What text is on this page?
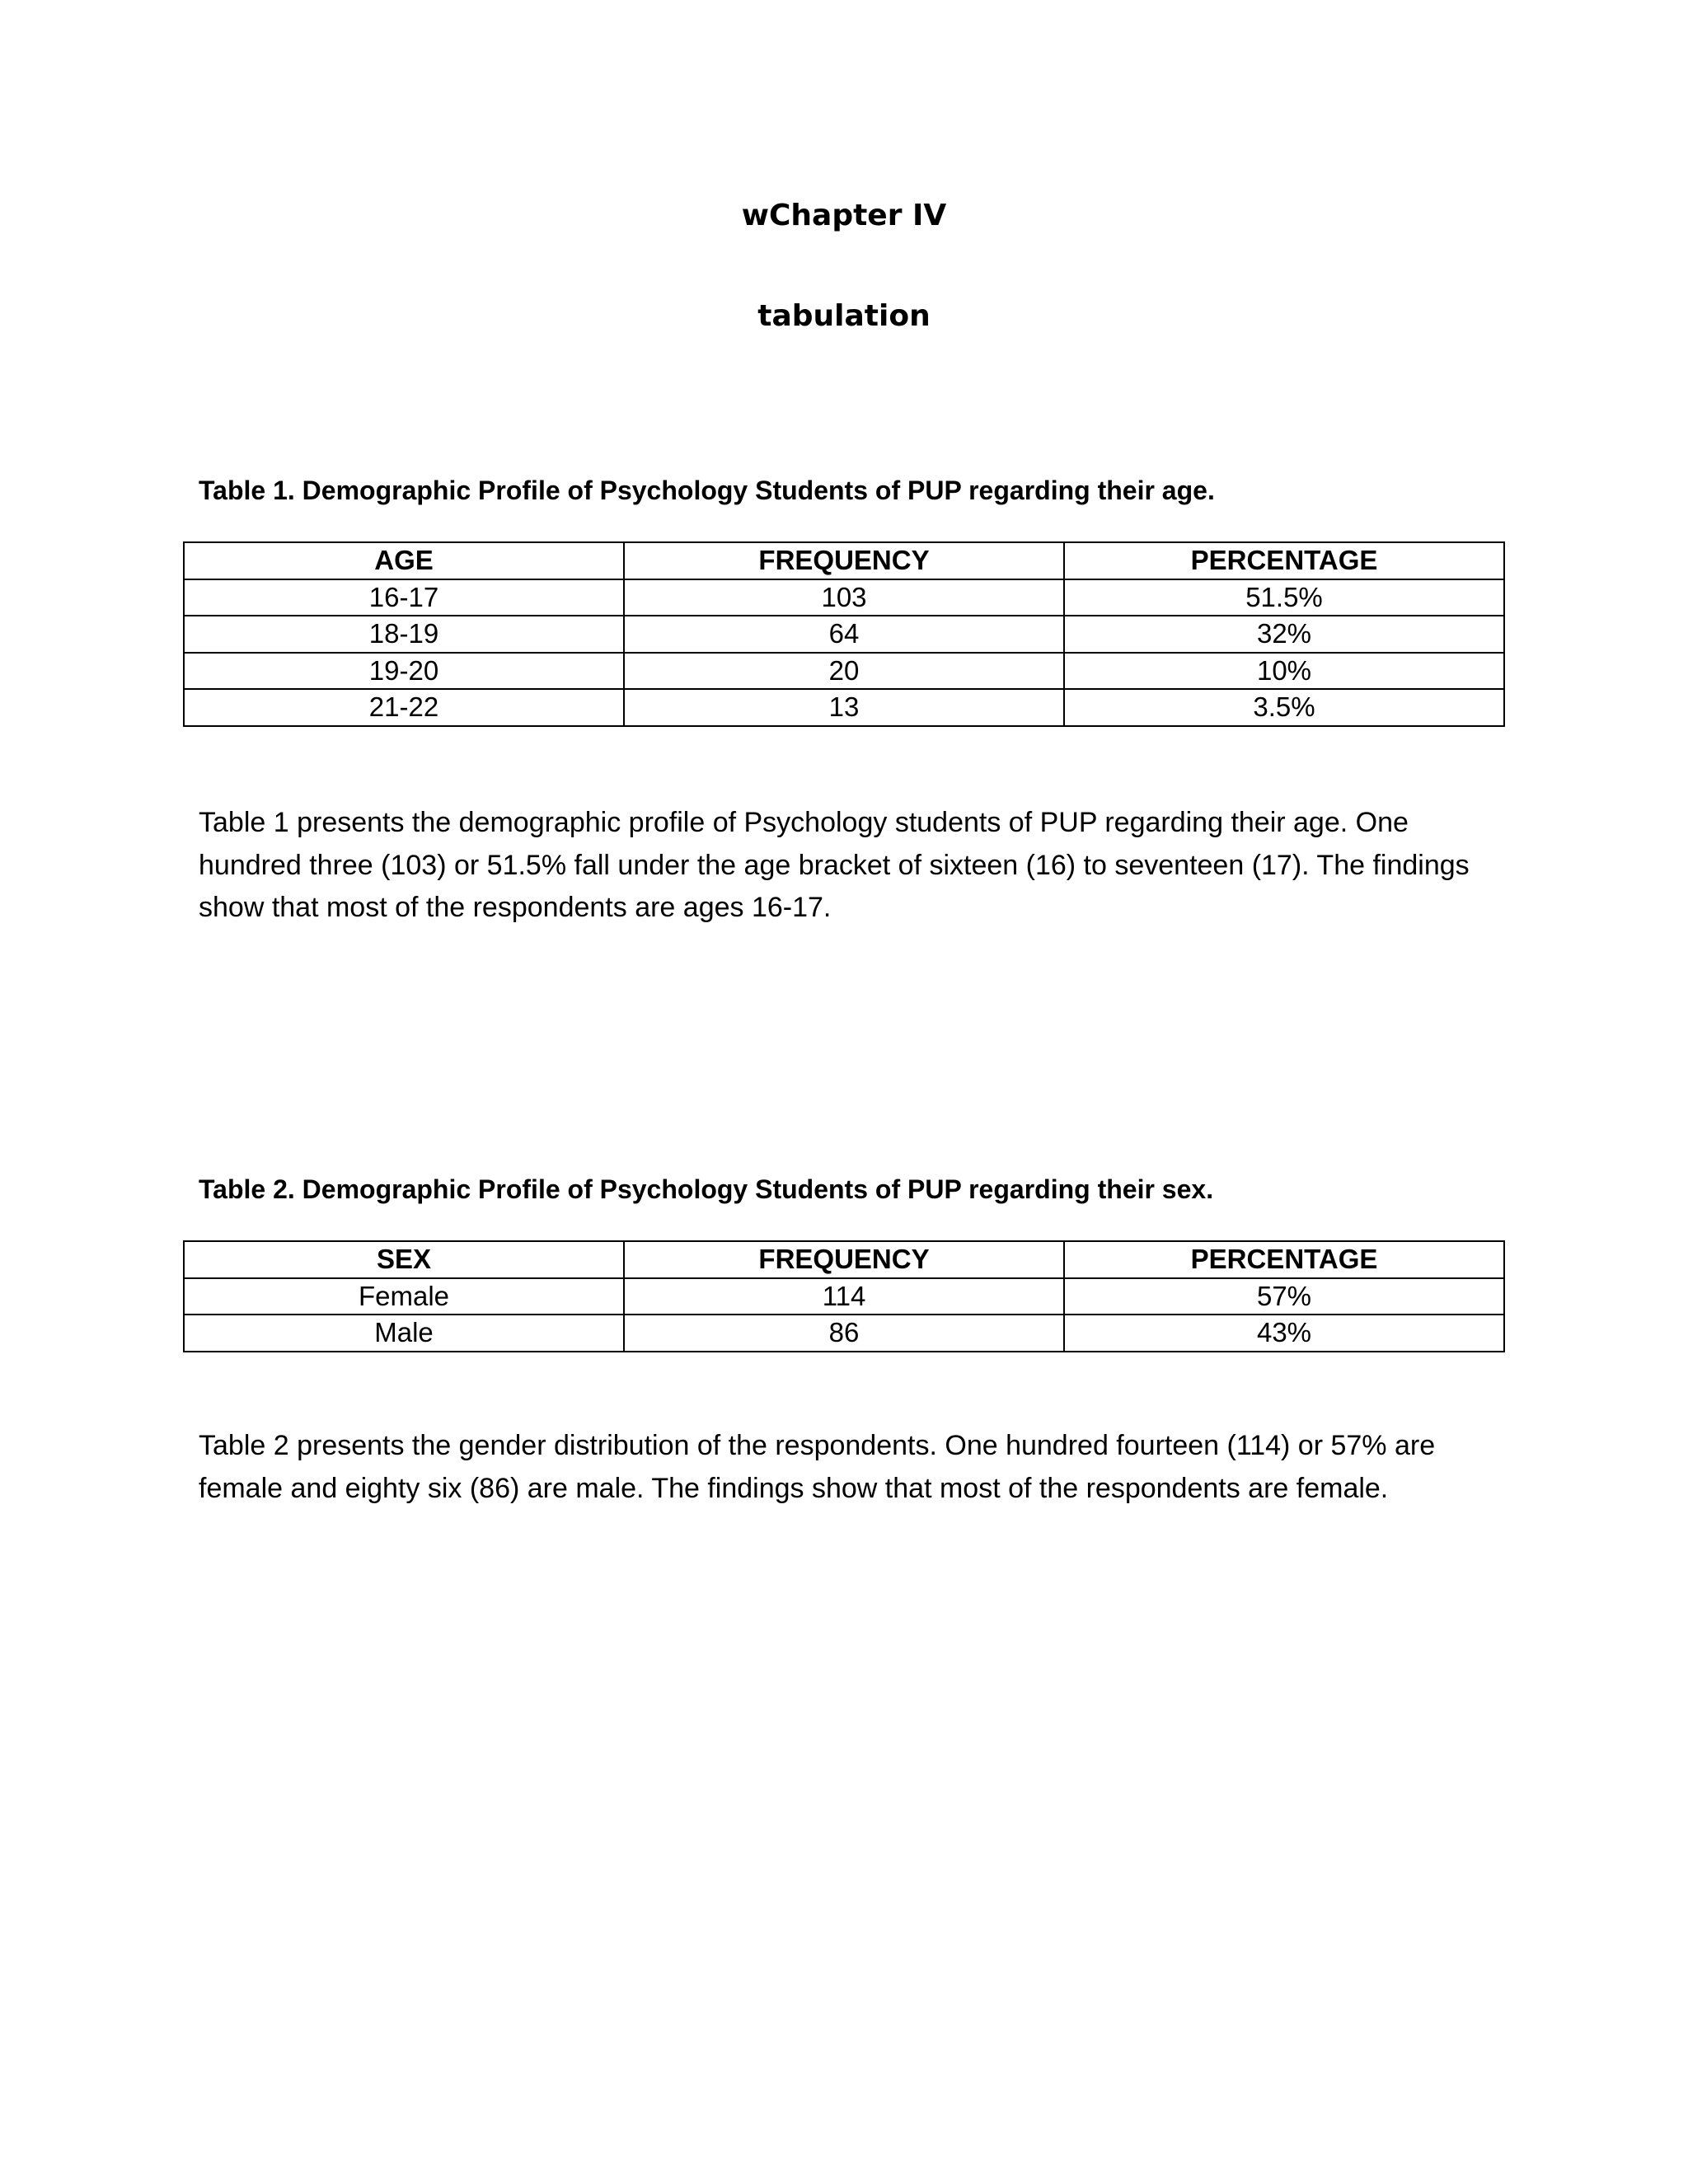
wChapter IV
tabulation

Table 1. Demographic Profile of Psychology Students of PUP regarding their age.

AGE	FREQUENCY	PERCENTAGE
16-17	103	51.5%
18-19	64	32%
19-20	20	10%
21-22	13	3.5%

Table 1 presents the demographic profile of Psychology students of PUP regarding their age. One
hundred three (103) or 51.5% fall under the age bracket of sixteen (16) to seventeen (17). The findings
show that most of the respondents are ages 16-17.

Table 2. Demographic Profile of Psychology Students of PUP regarding their sex.

SEX	FREQUENCY	PERCENTAGE
Female	114	57%
Male	86	43%

Table 2 presents the gender distribution of the respondents. One hundred fourteen (114) or 57% are
female and eighty six (86) are male. The findings show that most of the respondents are female.
